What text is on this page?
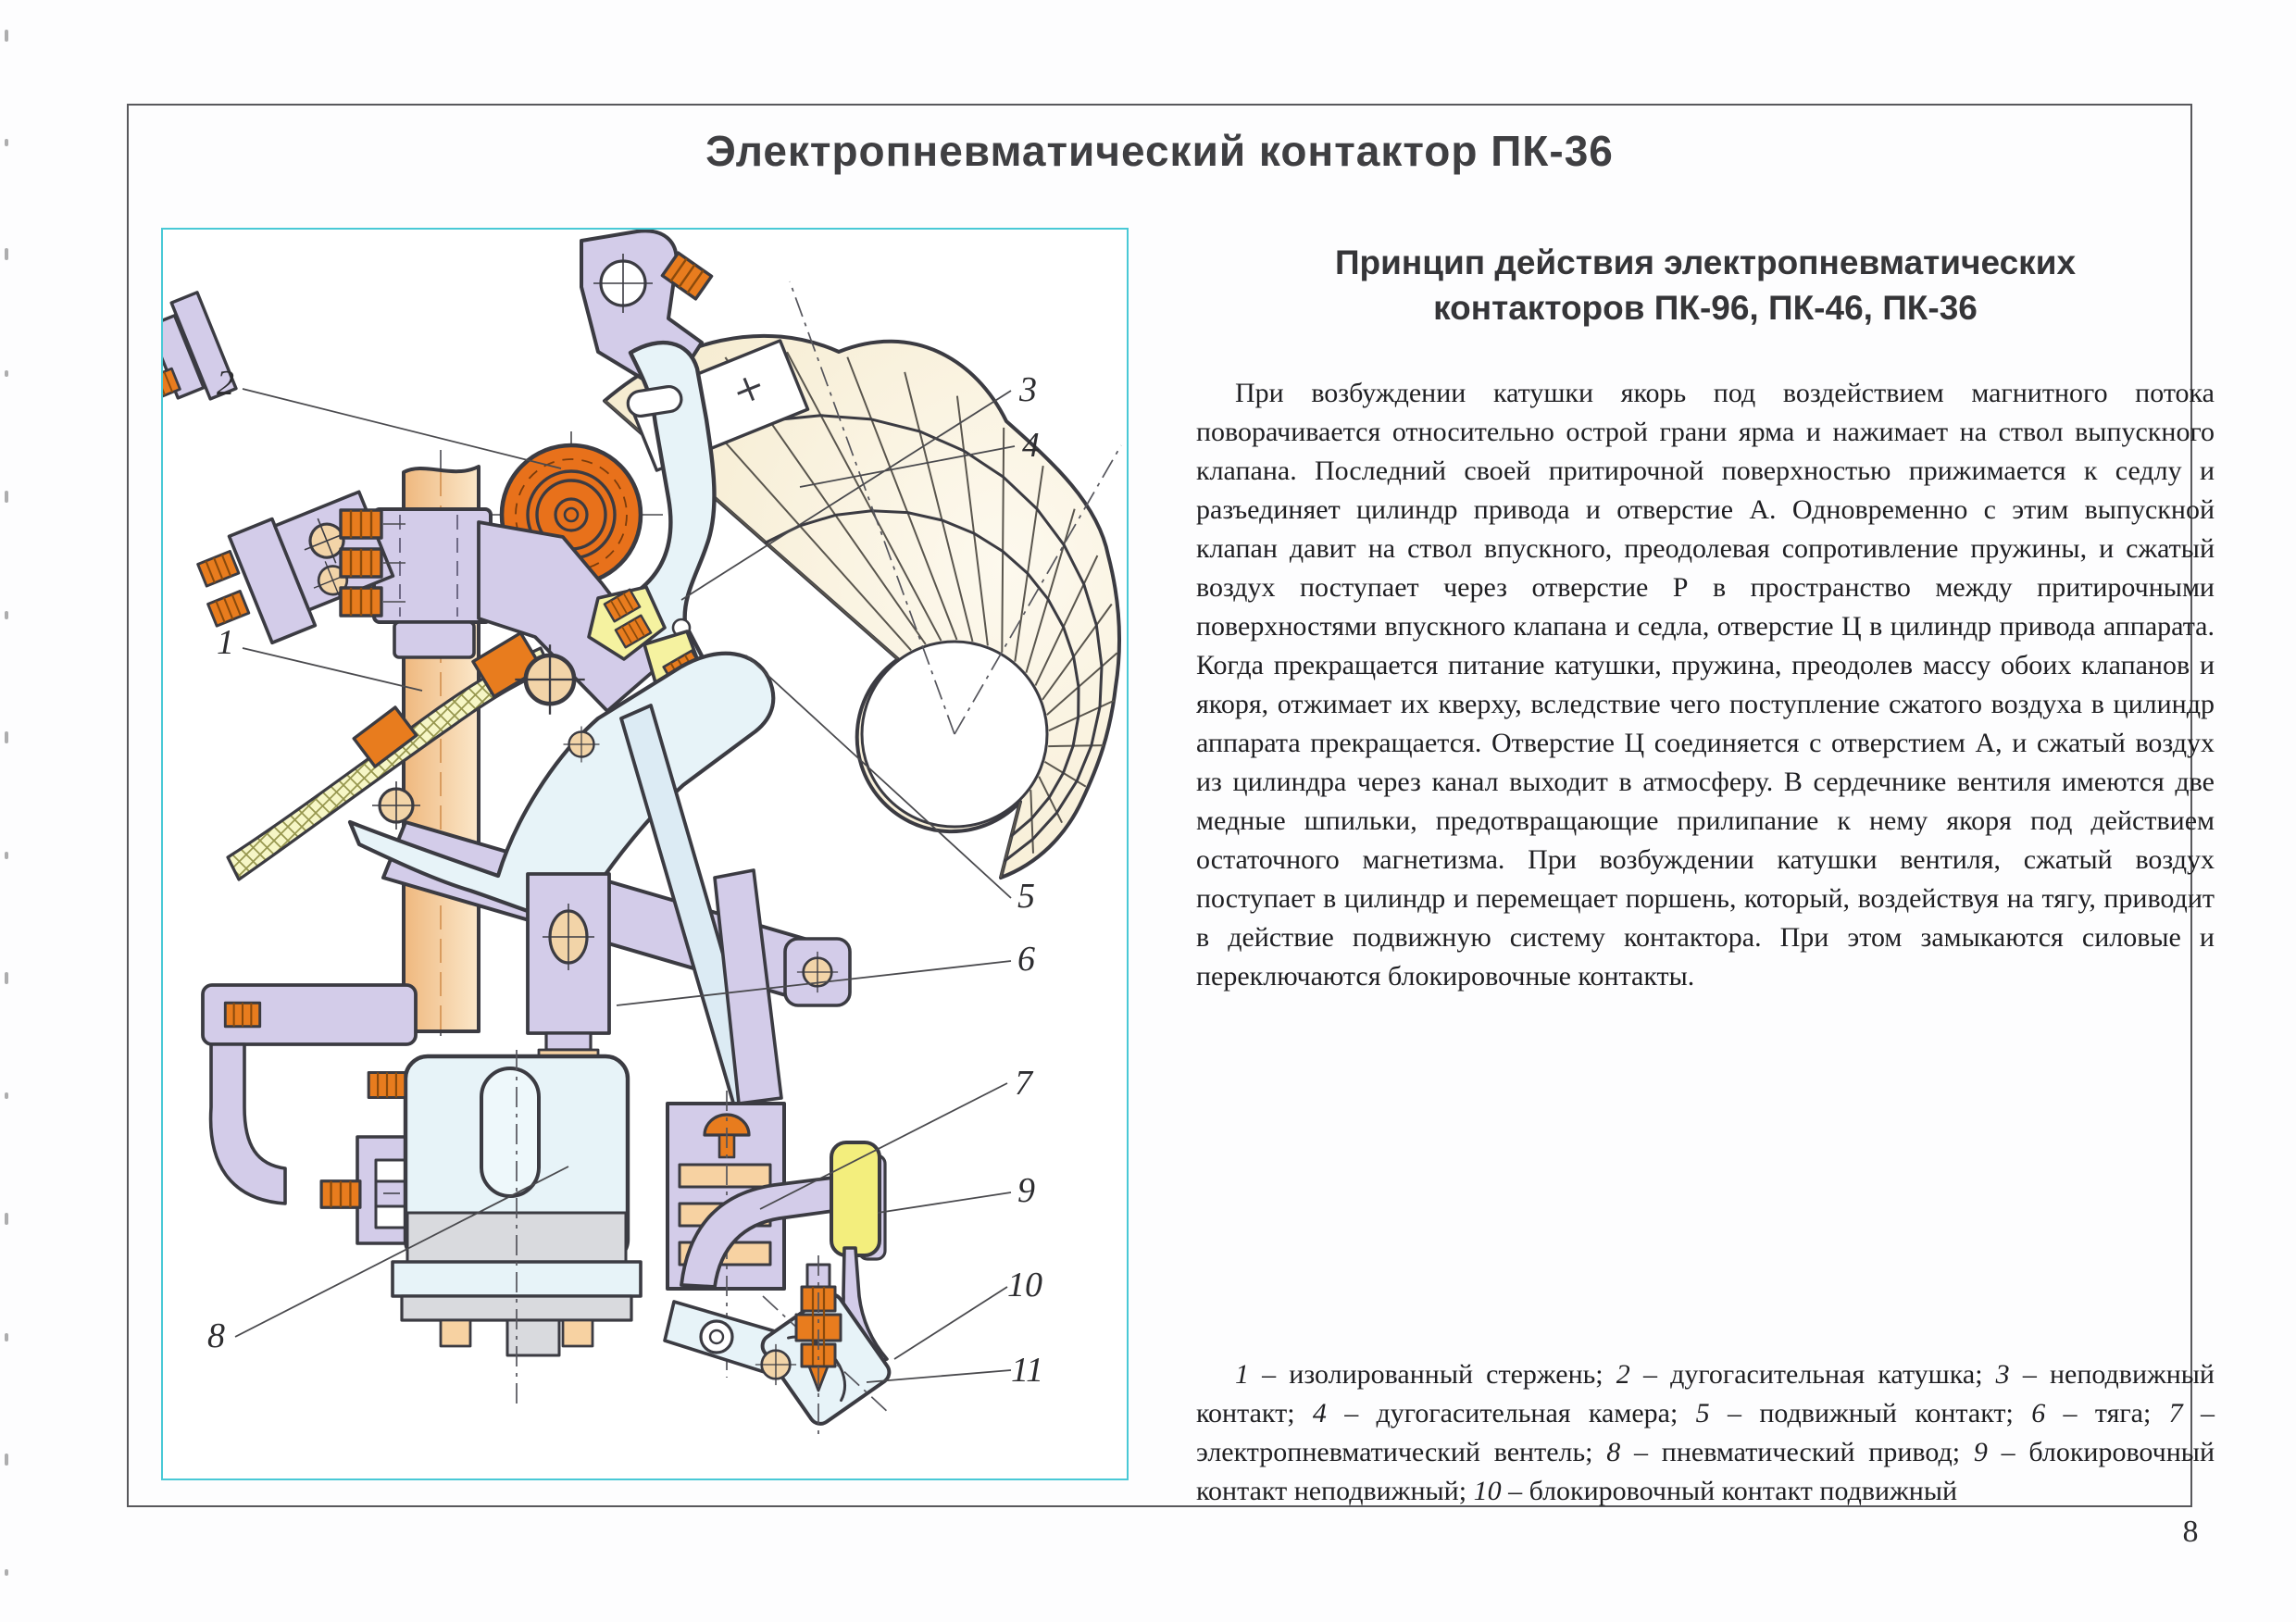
Электропневматический контактор ПК-36
1
2	3
4
5
6
7
8
9
10
11
Принцип действия электропневматических
контакторов ПК-96, ПК-46, ПК-36

При возбуждении катушки якорь под воздействием магнитного потока поворачивается относительно острой грани ярма и нажимает на ствол выпускного клапана. Последний своей притирочной поверхностью прижимается к седлу и разъединяет цилиндр привода и отверстие А. Одновременно с этим выпускной клапан давит на ствол впускного, преодолевая сопротивление пружины, и сжатый воздух поступает через отверстие Р в пространство между притирочными поверхностями впускного клапана и седла, отверстие Ц в цилиндр привода аппарата. Когда прекращается питание катушки, пружина, преодолев массу обоих клапанов и якоря, отжимает их кверху, вследствие чего поступление сжатого воздуха в цилиндр аппарата прекращается. Отверстие Ц соединяется с отверстием А, и сжатый воздух из цилиндра через канал выходит в атмосферу. В сердечнике вентиля имеются две медные шпильки, предотвращающие прилипание к нему якоря под действием остаточного магнетизма. При возбуждении катушки вентиля, сжатый воздух поступает в цилиндр и перемещает поршень, который, воздействуя на тягу, приводит в действие подвижную систему контактора. При этом замыкаются силовые и переключаются блокировочные контакты.

1 – изолированный стержень; 2 – дугогасительная катушка; 3 – неподвижный контакт; 4 – дугогасительная камера; 5 – подвижный контакт; 6 – тяга; 7 – электропневматический вентель; 8 – пневматический привод; 9 – блокировочный контакт неподвижный; 10 – блокировочный контакт подвижный

8
